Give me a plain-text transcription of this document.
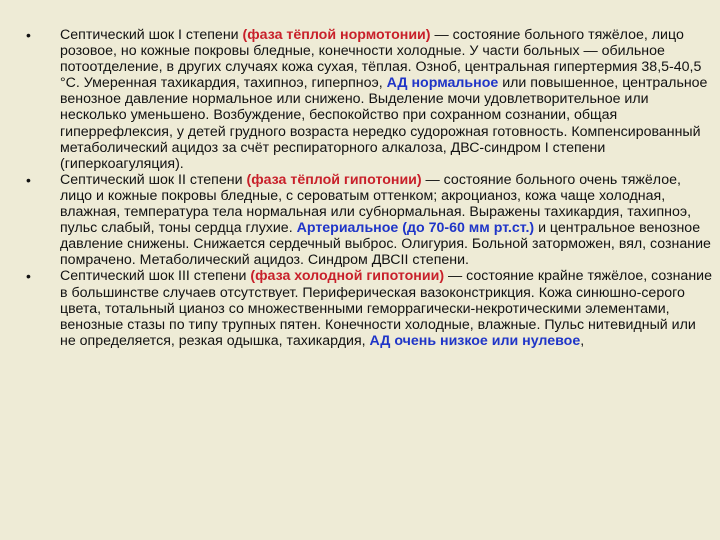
• Септический шок I степени (фаза тёплой нормотонии) — состояние больного тяжёлое, лицо розовое, но кожные покровы бледные, конечности холодные. У части больных — обильное потоотделение, в других случаях кожа сухая, тёплая. Озноб, центральная гипертермия 38,5-40,5 °С. Умеренная тахикардия, тахипноэ, гиперпноэ, АД нормальное или повышенное, центральное венозное давление нормальное или снижено. Выделение мочи удовлетворительное или несколько уменьшено. Возбуждение, беспокойство при сохранном сознании, общая гиперрефлексия, у детей грудного возраста нередко судорожная готовность. Компенсированный метаболический ацидоз за счёт респираторного алкалоза, ДВС-синдром I степени (гиперкоагуляция).
• Септический шок II степени (фаза тёплой гипотонии) — состояние больного очень тяжёлое, лицо и кожные покровы бледные, с сероватым оттенком; акроцианоз, кожа чаще холодная, влажная, температура тела нормальная или субнормальная. Выражены тахикардия, тахипноэ, пульс слабый, тоны сердца глухие. Артериальное (до 70-60 мм рт.ст.) и центральное венозное давление снижены. Снижается сердечный выброс. Олигурия. Больной заторможен, вял, сознание помрачено. Метаболический ацидоз. Синдром ДВСII степени.
• Септический шок III степени (фаза холодной гипотонии) — состояние крайне тяжёлое, сознание в большинстве случаев отсутствует. Периферическая вазоконстрикция. Кожа синюшно-серого цвета, тотальный цианоз со множественными геморрагически-некротическими элементами, венозные стазы по типу трупных пятен. Конечности холодные, влажные. Пульс нитевидный или не определяется, резкая одышка, тахикардия, АД очень низкое или нулевое,
